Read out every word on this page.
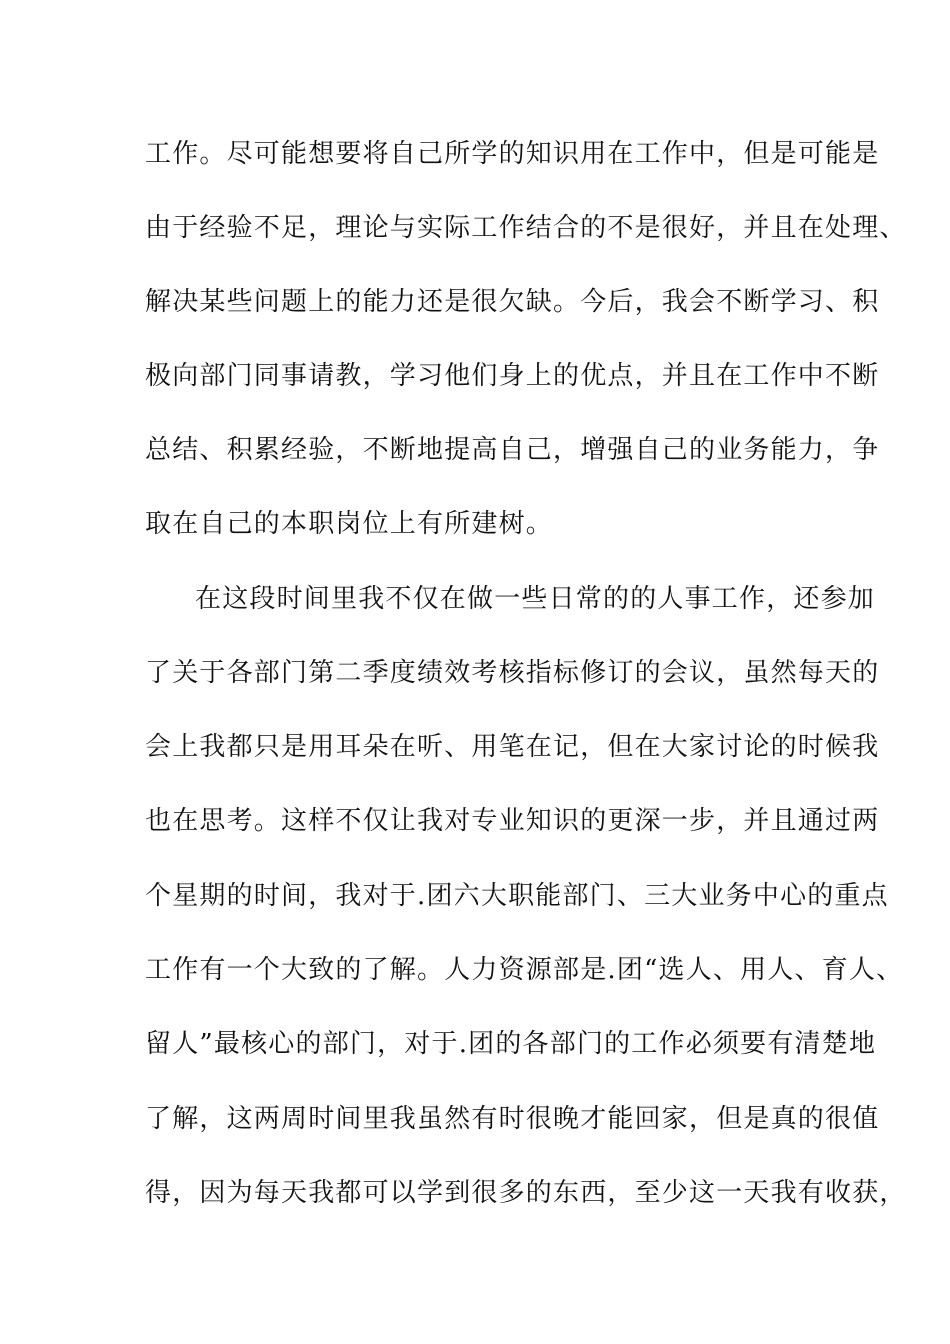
工作。尽可能想要将自己所学的知识用在工作中，但是可能是
由于经验不足，理论与实际工作结合的不是很好，并且在处理、
解决某些问题上的能力还是很欠缺。今后，我会不断学习、积
极向部门同事请教，学习他们身上的优点，并且在工作中不断
总结、积累经验，不断地提高自己，增强自己的业务能力，争
取在自己的本职岗位上有所建树。
在这段时间里我不仅在做一些日常的的人事工作，还参加
了关于各部门第二季度绩效考核指标修订的会议，虽然每天的
会上我都只是用耳朵在听、用笔在记，但在大家讨论的时候我
也在思考。这样不仅让我对专业知识的更深一步，并且通过两
个星期的时间，我对于.团六大职能部门、三大业务中心的重点
工作有一个大致的了解。人力资源部是.团“选人、用人、育人、
留人”最核心的部门，对于.团的各部门的工作必须要有清楚地
了解，这两周时间里我虽然有时很晚才能回家，但是真的很值
得，因为每天我都可以学到很多的东西，至少这一天我有收获，
